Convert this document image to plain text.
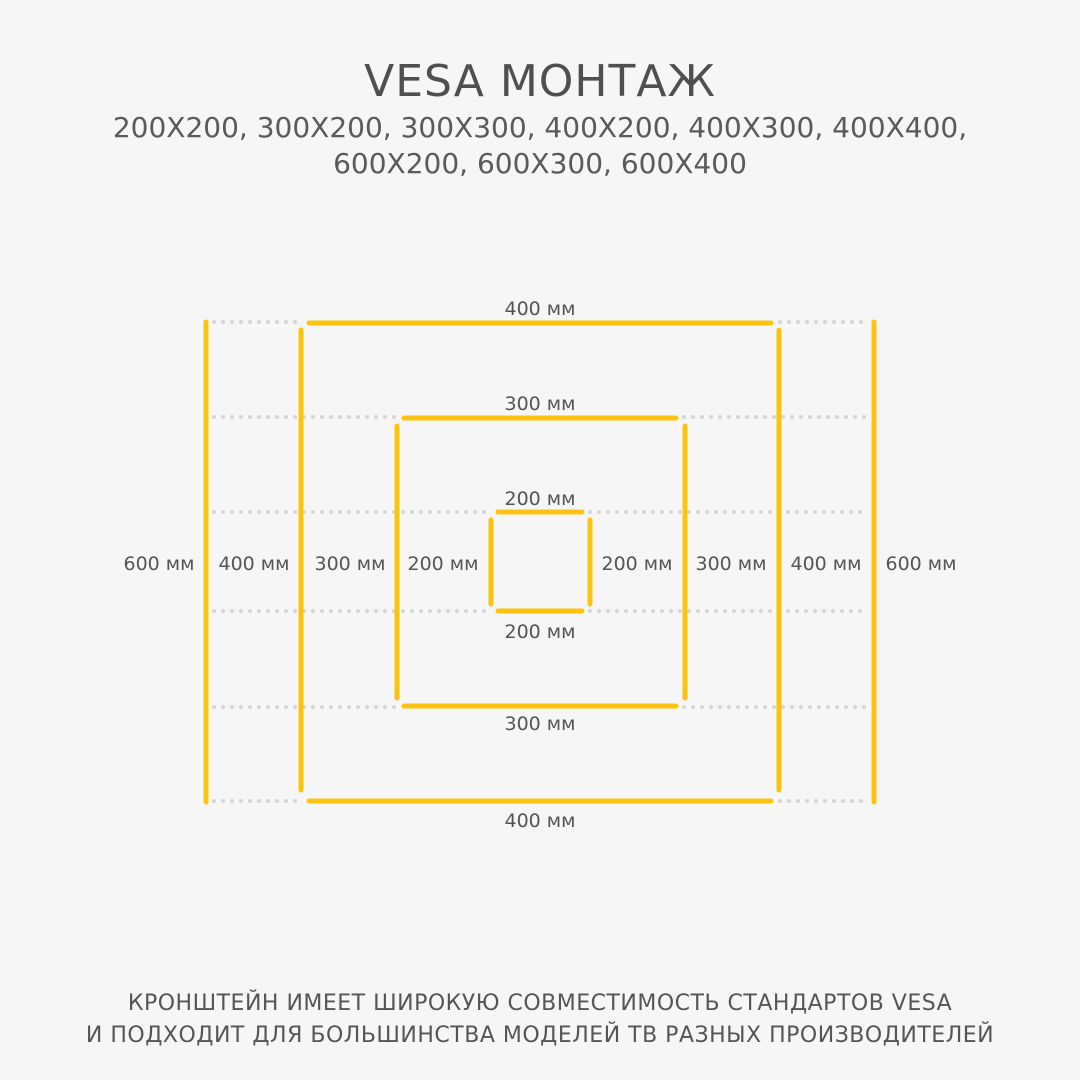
VESA МОНТАЖ
200X200, 300X200, 300X300, 400X200, 400X300, 400X400,
600X200, 600X300, 600X400
400 мм
300 мм
200 мм
200 мм
300 мм
400 мм
600 мм 400 мм 300 мм 200 мм	200 мм 300 мм 400 мм 600 мм
КРОНШТЕЙН ИМЕЕТ ШИРОКУЮ СОВМЕСТИМОСТЬ СТАНДАРТОВ VESA
И ПОДХОДИТ ДЛЯ БОЛЬШИНСТВА МОДЕЛЕЙ ТВ РАЗНЫХ ПРОИЗВОДИТЕЛЕЙ
